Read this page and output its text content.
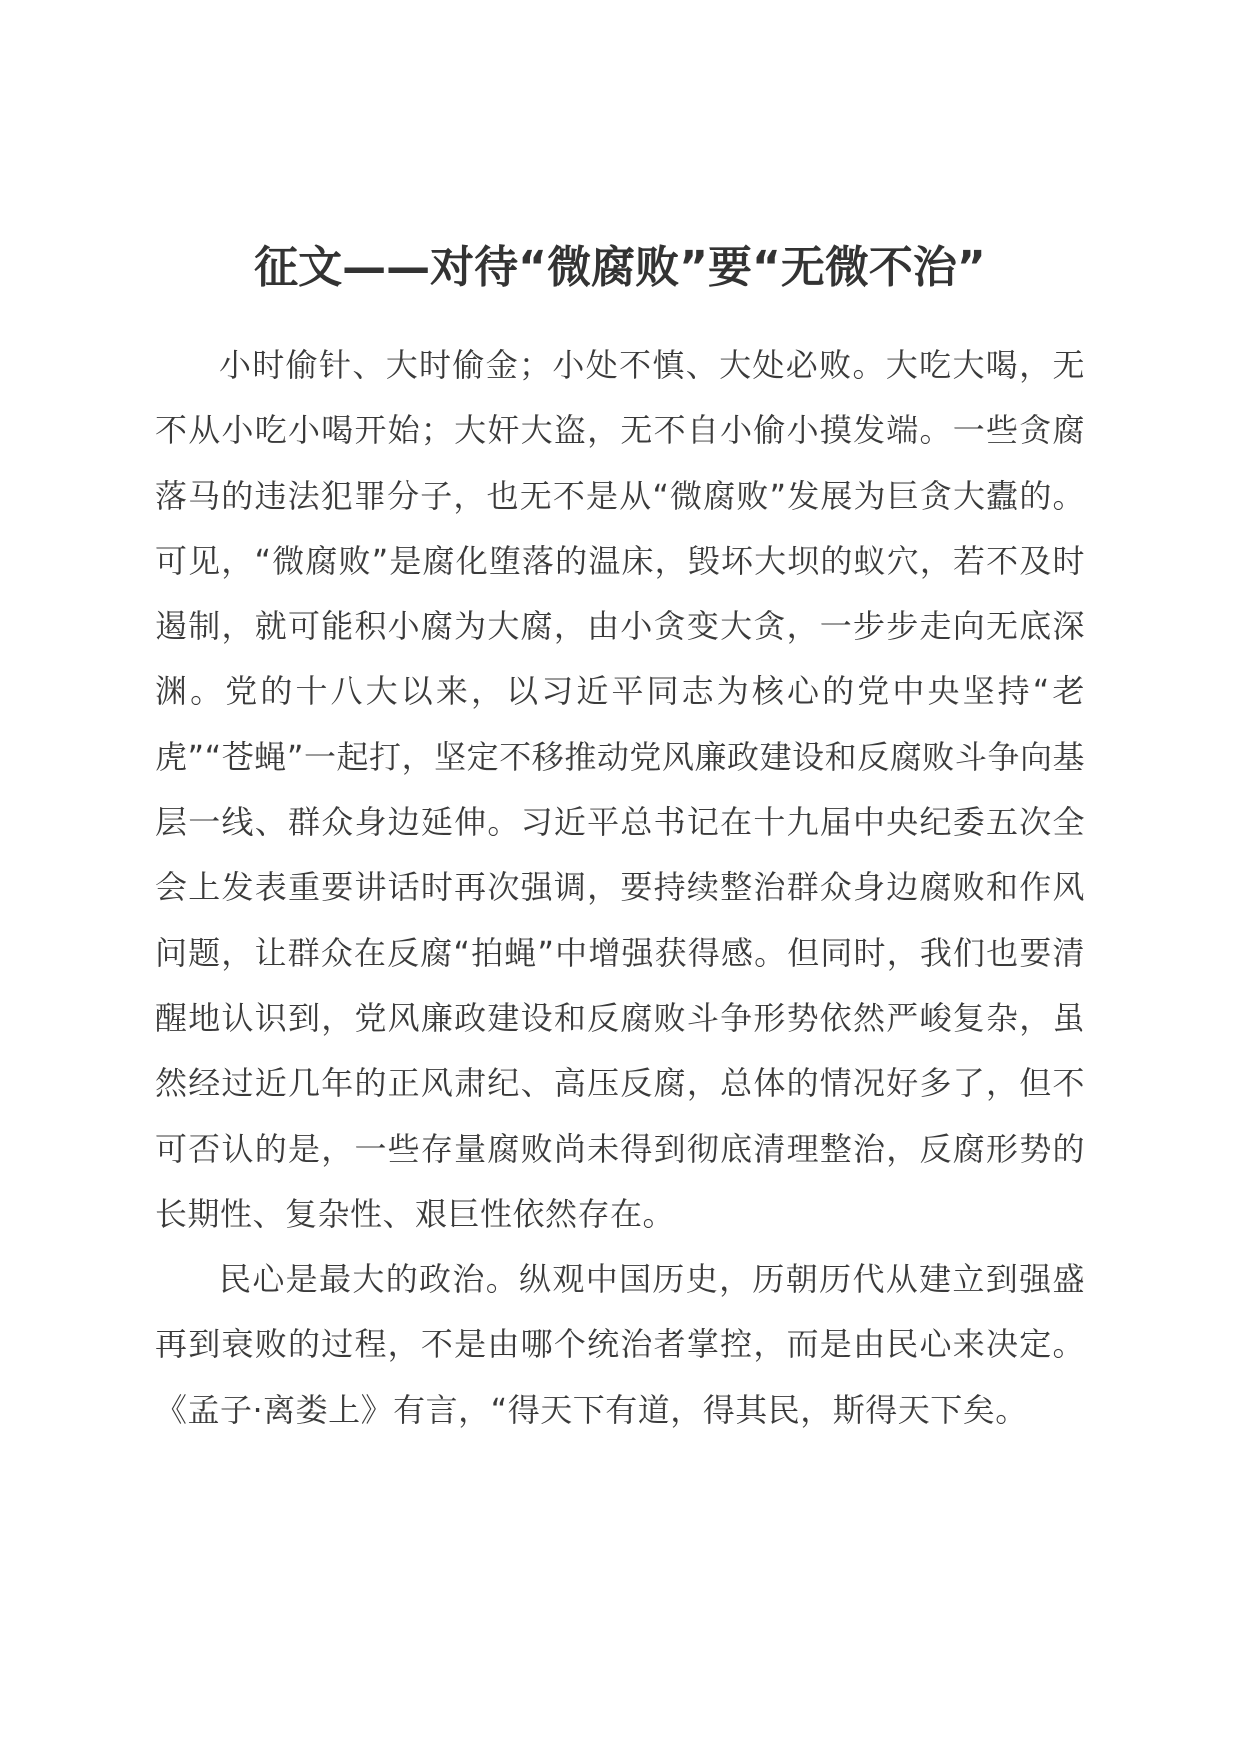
征文——对待“微腐败”要“无微不治”

小时偷针、大时偷金；小处不慎、大处必败。大吃大喝，无不从小吃小喝开始；大奸大盗，无不自小偷小摸发端。一些贪腐落马的违法犯罪分子，也无不是从“微腐败”发展为巨贪大蠹的。可见，“微腐败”是腐化堕落的温床，毁坏大坝的蚁穴，若不及时遏制，就可能积小腐为大腐，由小贪变大贪，一步步走向无底深渊。党的十八大以来，以习近平同志为核心的党中央坚持“老虎”“苍蝇”一起打，坚定不移推动党风廉政建设和反腐败斗争向基层一线、群众身边延伸。习近平总书记在十九届中央纪委五次全会上发表重要讲话时再次强调，要持续整治群众身边腐败和作风问题，让群众在反腐“拍蝇”中增强获得感。但同时，我们也要清醒地认识到，党风廉政建设和反腐败斗争形势依然严峻复杂，虽然经过近几年的正风肃纪、高压反腐，总体的情况好多了，但不可否认的是，一些存量腐败尚未得到彻底清理整治，反腐形势的长期性、复杂性、艰巨性依然存在。

民心是最大的政治。纵观中国历史，历朝历代从建立到强盛再到衰败的过程，不是由哪个统治者掌控，而是由民心来决定。《孟子·离娄上》有言，“得天下有道，得其民，斯得天下矣。
